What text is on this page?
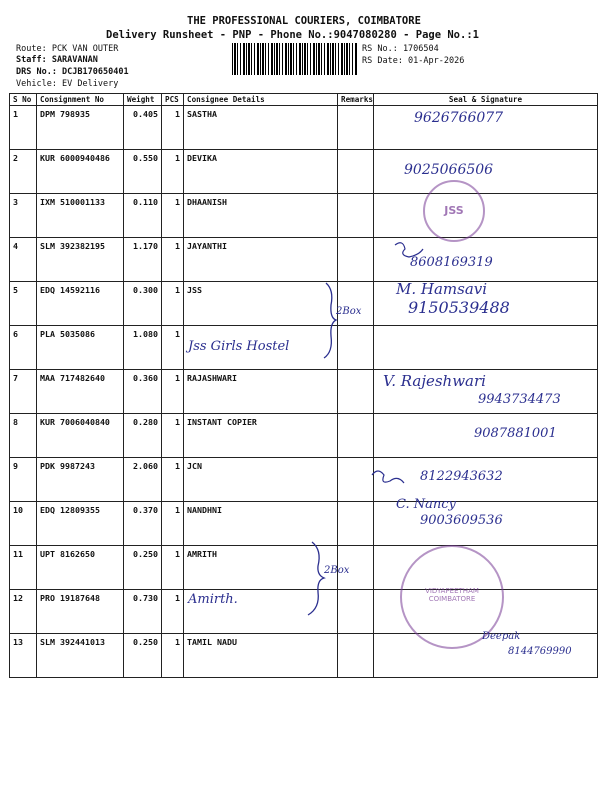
THE PROFESSIONAL COURIERS, COIMBATORE
Delivery Runsheet - PNP - Phone No.:9047080280 - Page No.:1
Route: PCK VAN OUTER
Staff: SARAVANAN
DRS No.: DCJB170650401
Vehicle: EV Delivery
RS No.: 1706504
RS Date: 01-Apr-2026
S No	Consignment No	Weight	PCS	Consignee Details	Remarks	Seal & Signature
1	DPM 798935	0.405	1	SASTHA		
2	KUR 6000940486	0.550	1	DEVIKA		
3	IXM 510001133	0.110	1	DHAANISH		
4	SLM 392382195	1.170	1	JAYANTHI		
5	EDQ 14592116	0.300	1	JSS		
6	PLA 5035086	1.080	1			
7	MAA 717482640	0.360	1	RAJASHWARI		
8	KUR 7006040840	0.280	1	INSTANT COPIER		
9	PDK 9987243	2.060	1	JCN		
10	EDQ 12809355	0.370	1	NANDHNI		
11	UPT 8162650	0.250	1	AMRITH		
12	PRO 19187648	0.730	1			
13	SLM 392441013	0.250	1	TAMIL NADU		
JSS
VIDYAPEETHAM COIMBATORE
9626766077
9025066506
8608169319
M. Hamsavi
9150539488
2Box
Jss Girls Hostel
V. Rajeshwari
9943734473
9087881001
8122943632
C. Nancy
9003609536
2Box
Amirth.
Deepak
8144769990
